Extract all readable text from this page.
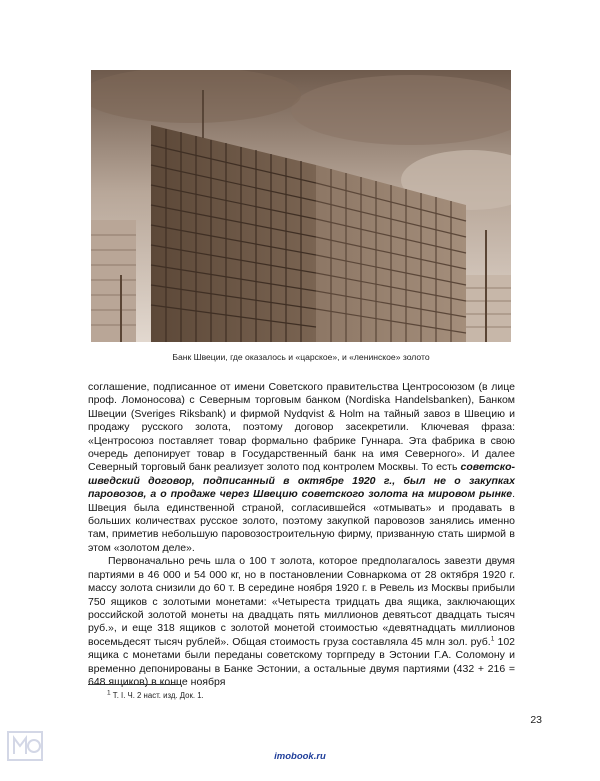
Банк Швеции, где оказалось и «царское», и «ленинское» золото

соглашение, подписанное от имени Советского правительства Центросоюзом (в лице проф. Ломоносова) с Северным торговым банком (Nordiska Handelsbanken), Банком Швеции (Sveriges Riksbank) и фирмой Nydqvist & Holm на тайный завоз в Швецию и продажу русского золота, поэтому договор засекретили. Ключевая фраза: «Центросоюз поставляет товар формально фабрике Гуннара. Эта фабрика в свою очередь депонирует товар в Государственный банк на имя Северного». И далее Северный торговый банк реализует золото под контролем Москвы. То есть советско-шведский договор, подписанный в октябре 1920 г., был не о закупках паровозов, а о продаже через Швецию советского золота на мировом рынке. Швеция была единственной страной, согласившейся «отмывать» и продавать в больших количествах русское золото, поэтому закупкой паровозов занялись именно там, приметив небольшую паровозостроительную фирму, призванную стать ширмой в этом «золотом деле».

Первоначально речь шла о 100 т золота, которое предполагалось завезти двумя партиями в 46 000 и 54 000 кг, но в постановлении Совнаркома от 28 октября 1920 г. массу золота снизили до 60 т. В середине ноября 1920 г. в Ревель из Москвы прибыли 750 ящиков с золотыми монетами: «Четыреста тридцать два ящика, заключающих российской золотой монеты на двадцать пять миллионов девятьсот двадцать тысяч руб.», и еще 318 ящиков с золотой монетой стоимостью «девятнадцать миллионов восемьдесят тысяч рублей». Общая стоимость груза составляла 45 млн зол. руб.$^1$ 102 ящика с монетами были переданы советскому торгпреду в Эстонии Г.А. Соломону и временно депонированы в Банке Эстонии, а остальные двумя партиями (432 + 216 = 648 ящиков) в конце ноября

$^1$ Т. I. Ч. 2 наст. изд. Док. 1.
23
imobook.ru
